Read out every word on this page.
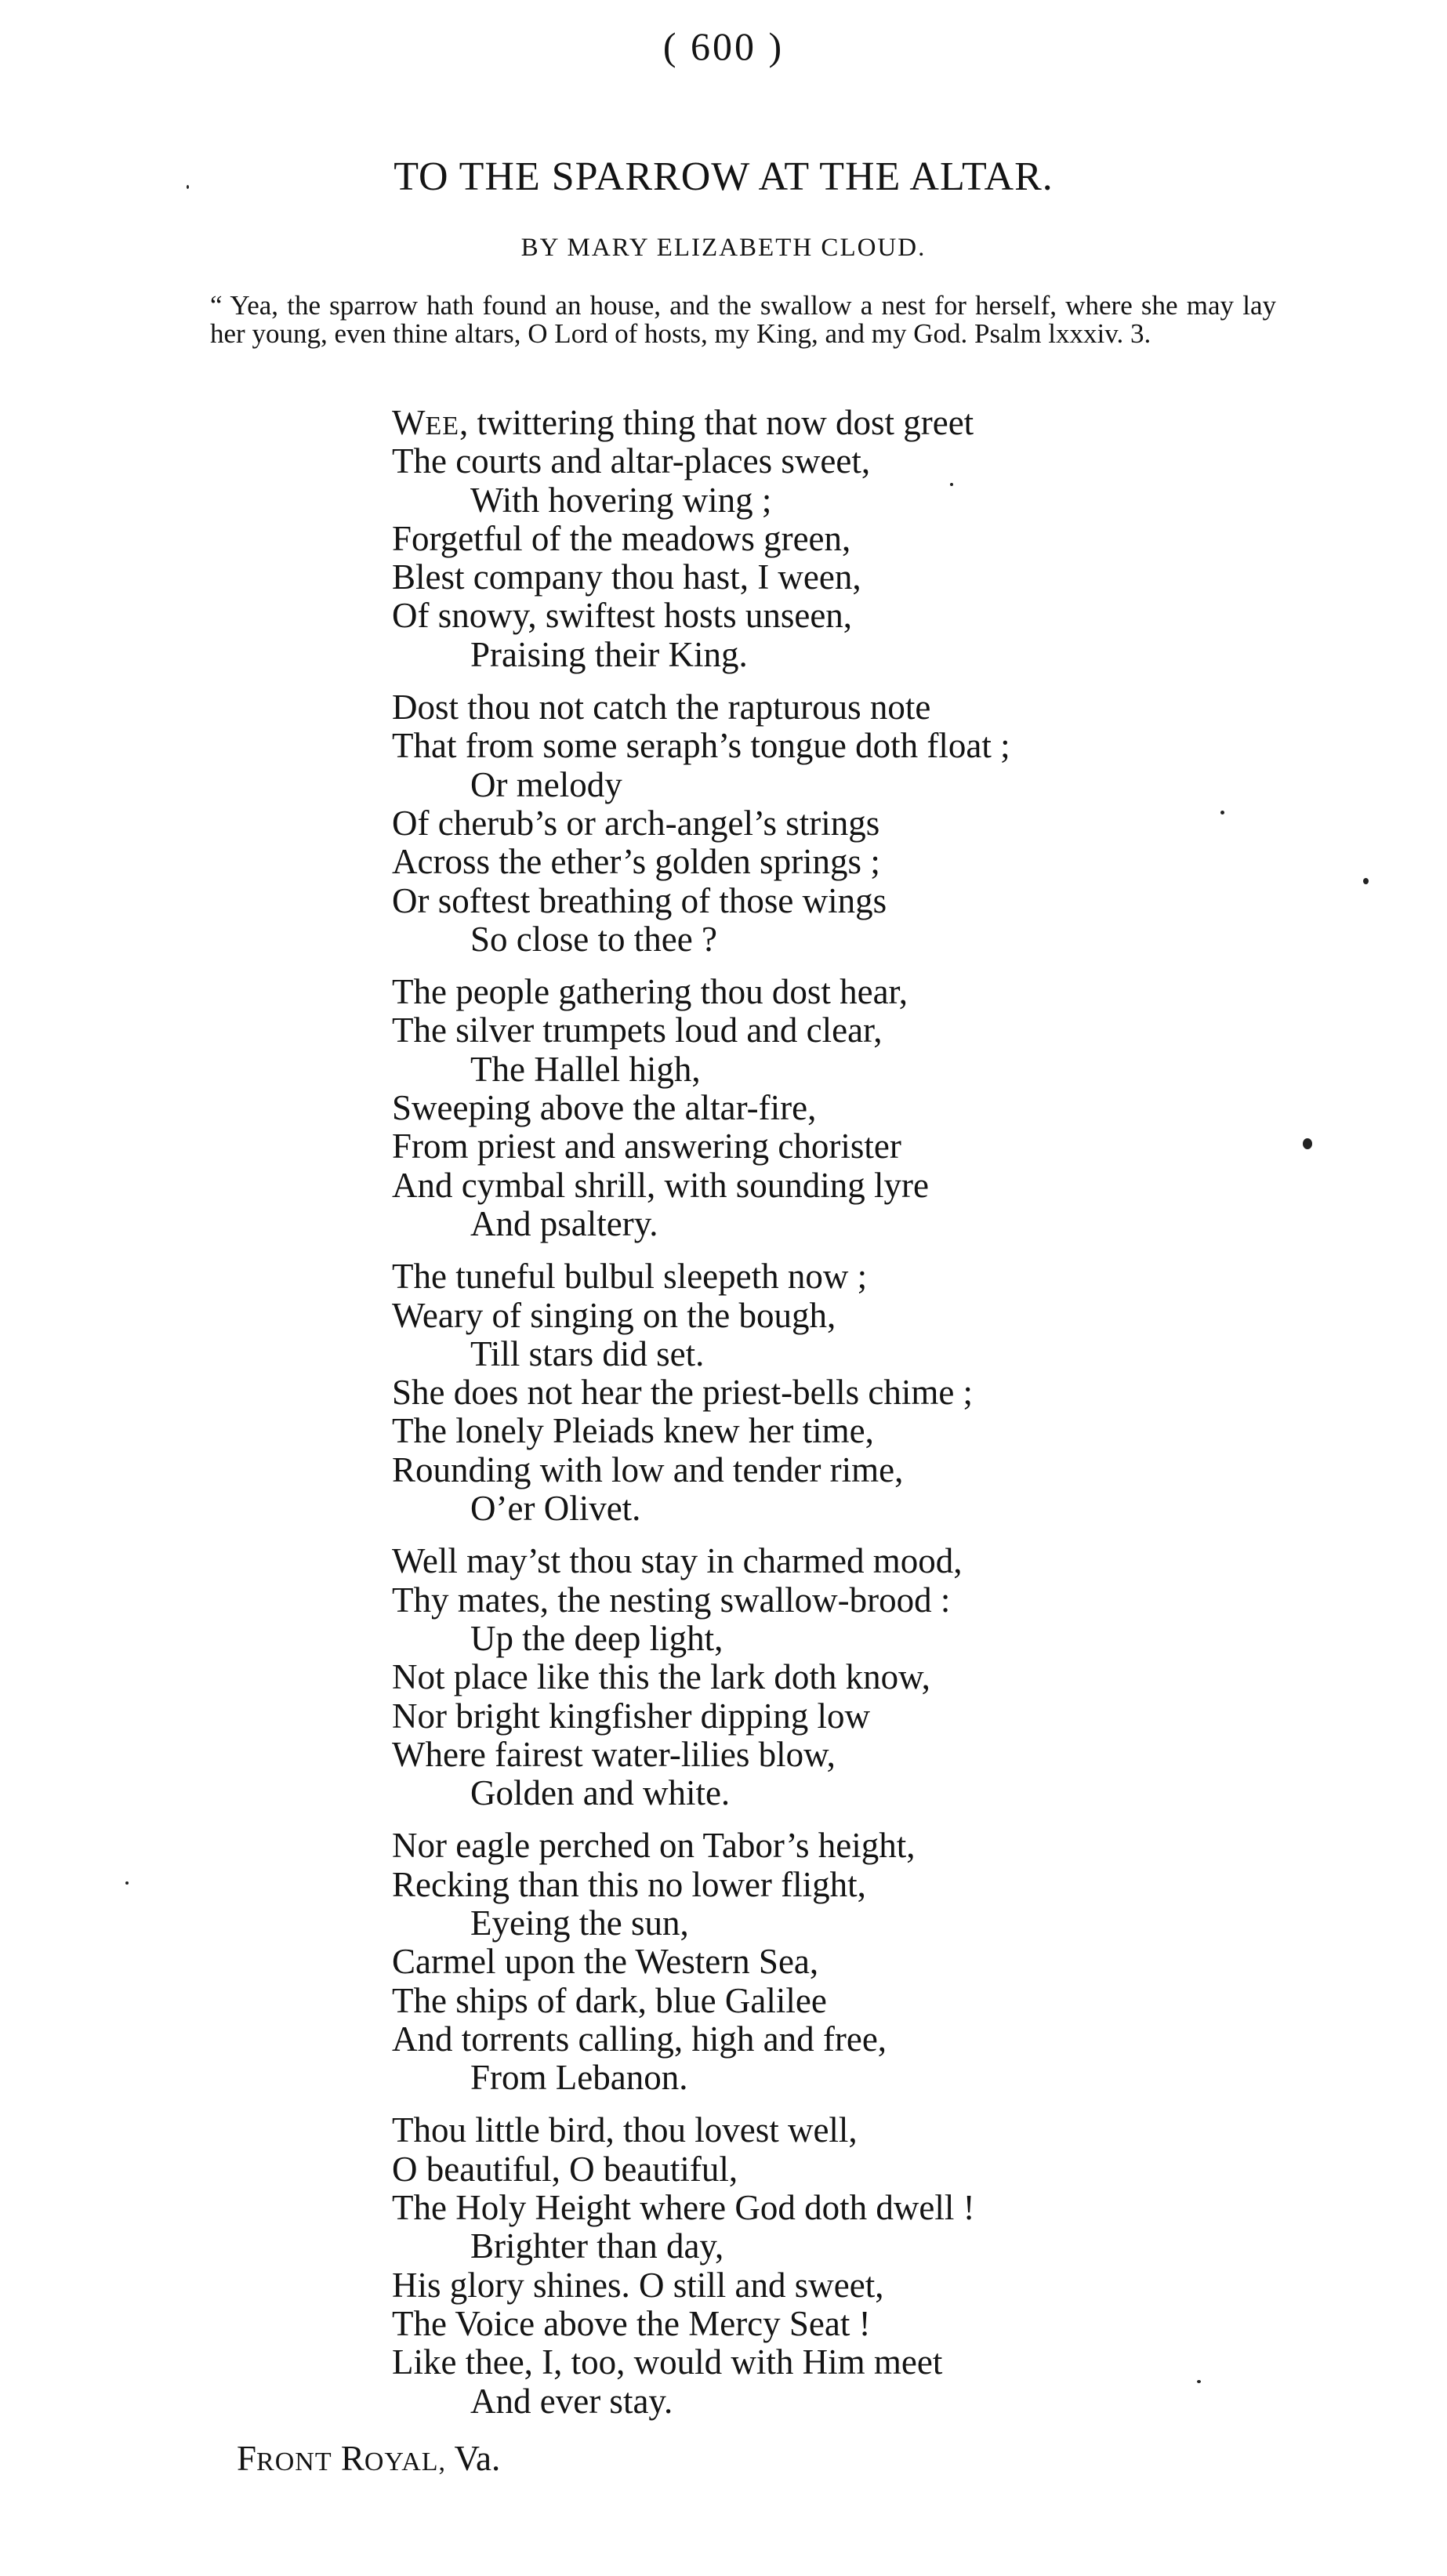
( 600 )
TO THE SPARROW AT THE ALTAR.
BY MARY ELIZABETH CLOUD.
“ Yea, the sparrow hath found an house, and the swallow a nest for herself, where she may lay her young, even thine altars, O Lord of hosts, my King, and my God. Psalm lxxxiv. 3.
WEE, twittering thing that now dost greet
The courts and altar-places sweet,
With hovering wing ;
Forgetful of the meadows green,
Blest company thou hast, I ween,
Of snowy, swiftest hosts unseen,
Praising their King.
Dost thou not catch the rapturous note
That from some seraph’s tongue doth float ;
Or melody
Of cherub’s or arch-angel’s strings
Across the ether’s golden springs ;
Or softest breathing of those wings
So close to thee ?
The people gathering thou dost hear,
The silver trumpets loud and clear,
The Hallel high,
Sweeping above the altar-fire,
From priest and answering chorister
And cymbal shrill, with sounding lyre
And psaltery.
The tuneful bulbul sleepeth now ;
Weary of singing on the bough,
Till stars did set.
She does not hear the priest-bells chime ;
The lonely Pleiads knew her time,
Rounding with low and tender rime,
O’er Olivet.
Well may’st thou stay in charmed mood,
Thy mates, the nesting swallow-brood :
Up the deep light,
Not place like this the lark doth know,
Nor bright kingfisher dipping low
Where fairest water-lilies blow,
Golden and white.
Nor eagle perched on Tabor’s height,
Recking than this no lower flight,
Eyeing the sun,
Carmel upon the Western Sea,
The ships of dark, blue Galilee
And torrents calling, high and free,
From Lebanon.
Thou little bird, thou lovest well,
O beautiful, O beautiful,
The Holy Height where God doth dwell !
Brighter than day,
His glory shines. O still and sweet,
The Voice above the Mercy Seat !
Like thee, I, too, would with Him meet
And ever stay.
FRONT ROYAL, Va.
